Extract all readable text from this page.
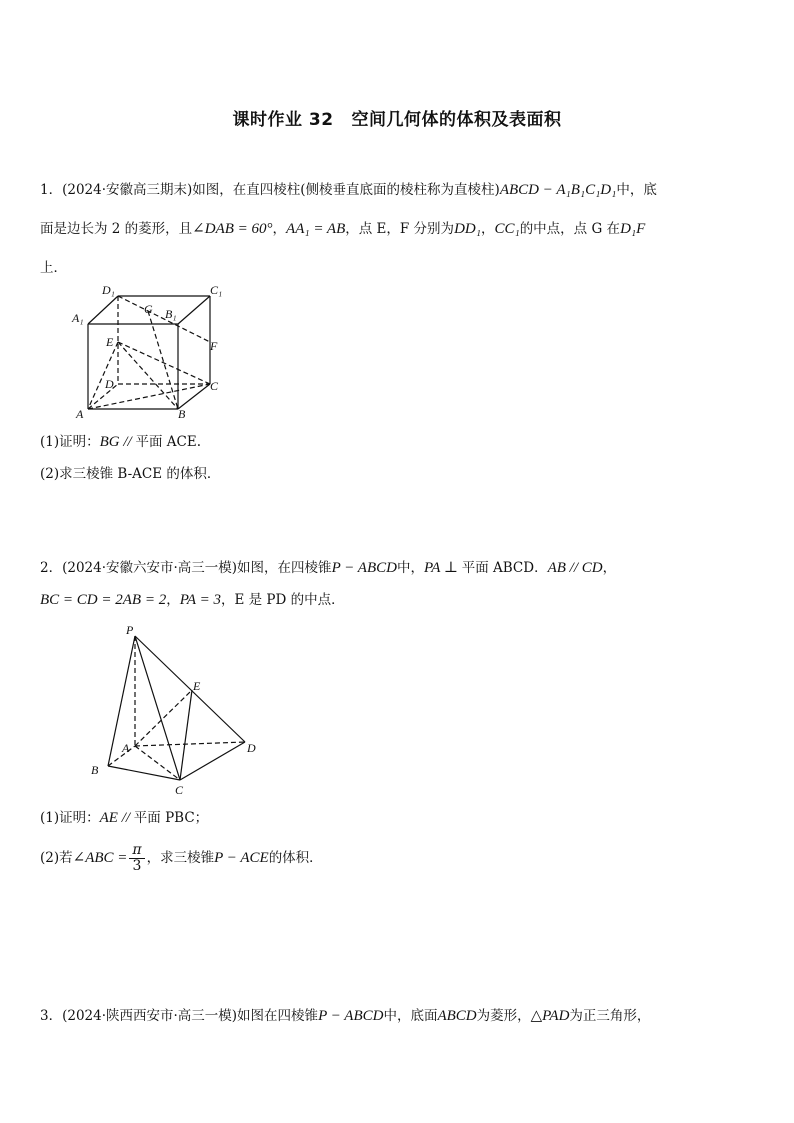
课时作业 32 空间几何体的体积及表面积
1．(2024·安徽高三期末)如图，在直四棱柱(侧棱垂直底面的棱柱称为直棱柱)ABCD − A₁B₁C₁D₁中，底
面是边长为 2 的菱形，且∠DAB = 60°，AA₁ = AB，点 E，F 分别为DD₁，CC₁的中点，点 G 在D₁F
上．
D₁	C₁
A₁
G B₁
E	F
D	C
A	B
(1)证明：BG // 平面 ACE.
(2)求三棱锥 B-ACE 的体积．
2．(2024·安徽六安市·高三一模)如图，在四棱锥P − ABCD中，PA ⊥ 平面 ABCD．AB // CD，
BC = CD = 2AB = 2，PA = 3，E 是 PD 的中点．
P
E
A	D
B
C
(1)证明：AE // 平面 PBC；
(2)若∠ABC = $\frac{\pi}{3}$ ，求三棱锥P − ACE的体积．
3．(2024·陕西西安市·高三一模)如图在四棱锥P − ABCD中，底面ABCD为菱形，△PAD为正三角形，
